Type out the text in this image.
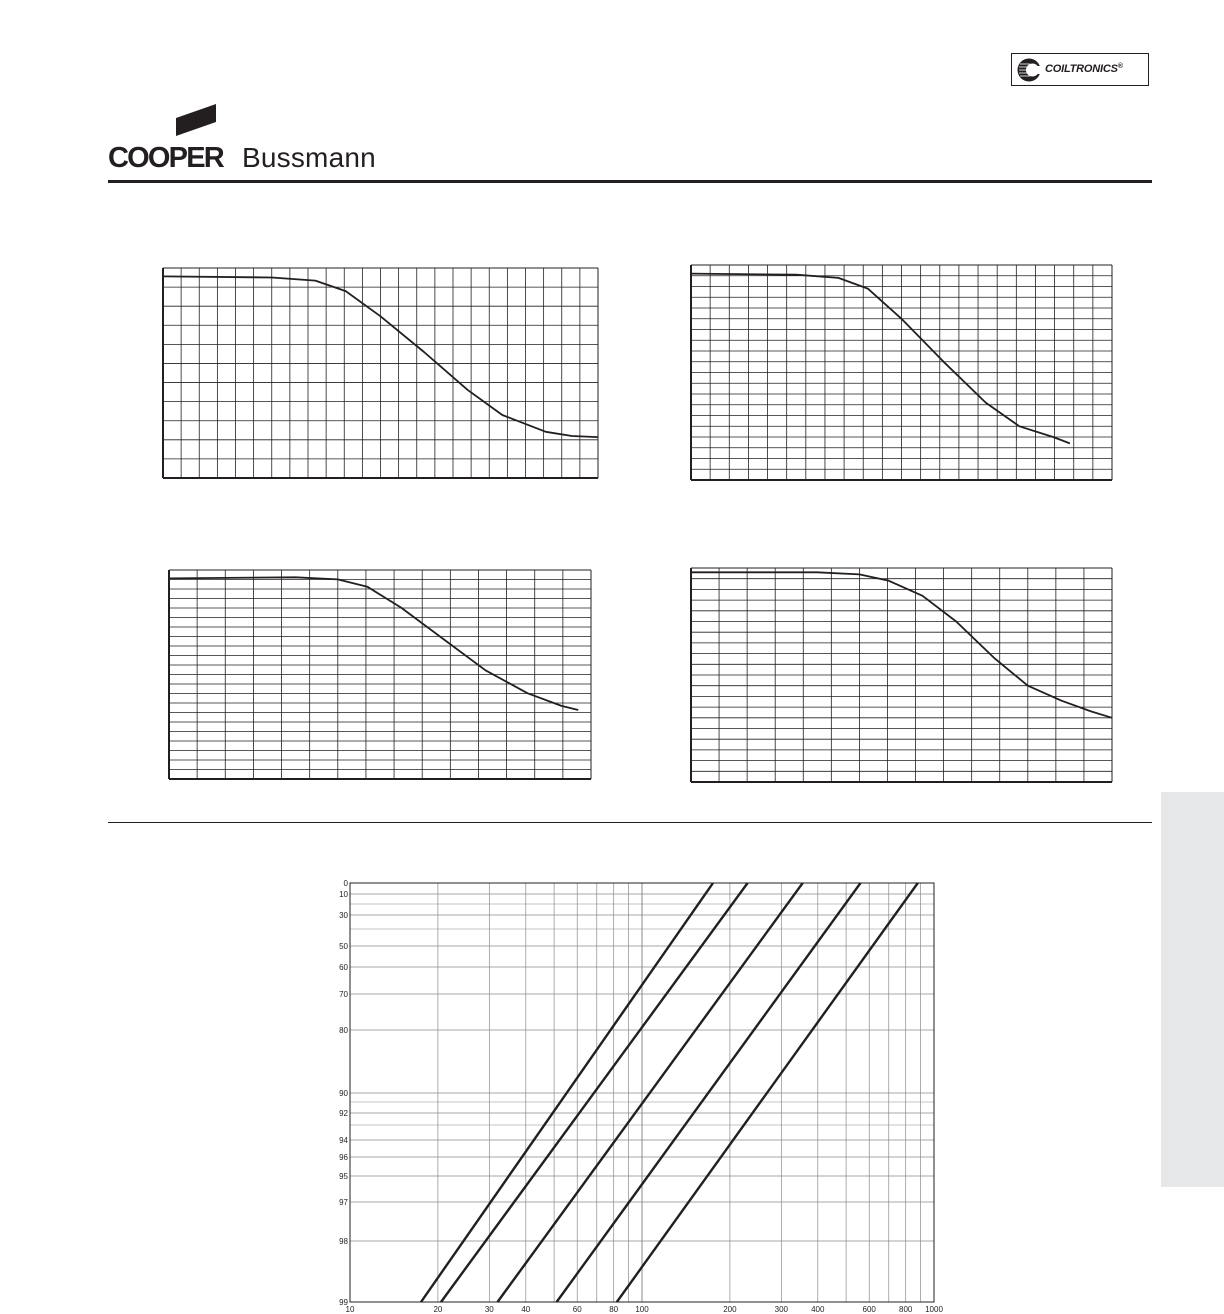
COILTRONICS®
COOPER Bussmann
0
10
30
50
60
70
80
90
92
94
96
95
97
98
99
10	20	30	40	60	80 100	200	300	400	600	800 1000
